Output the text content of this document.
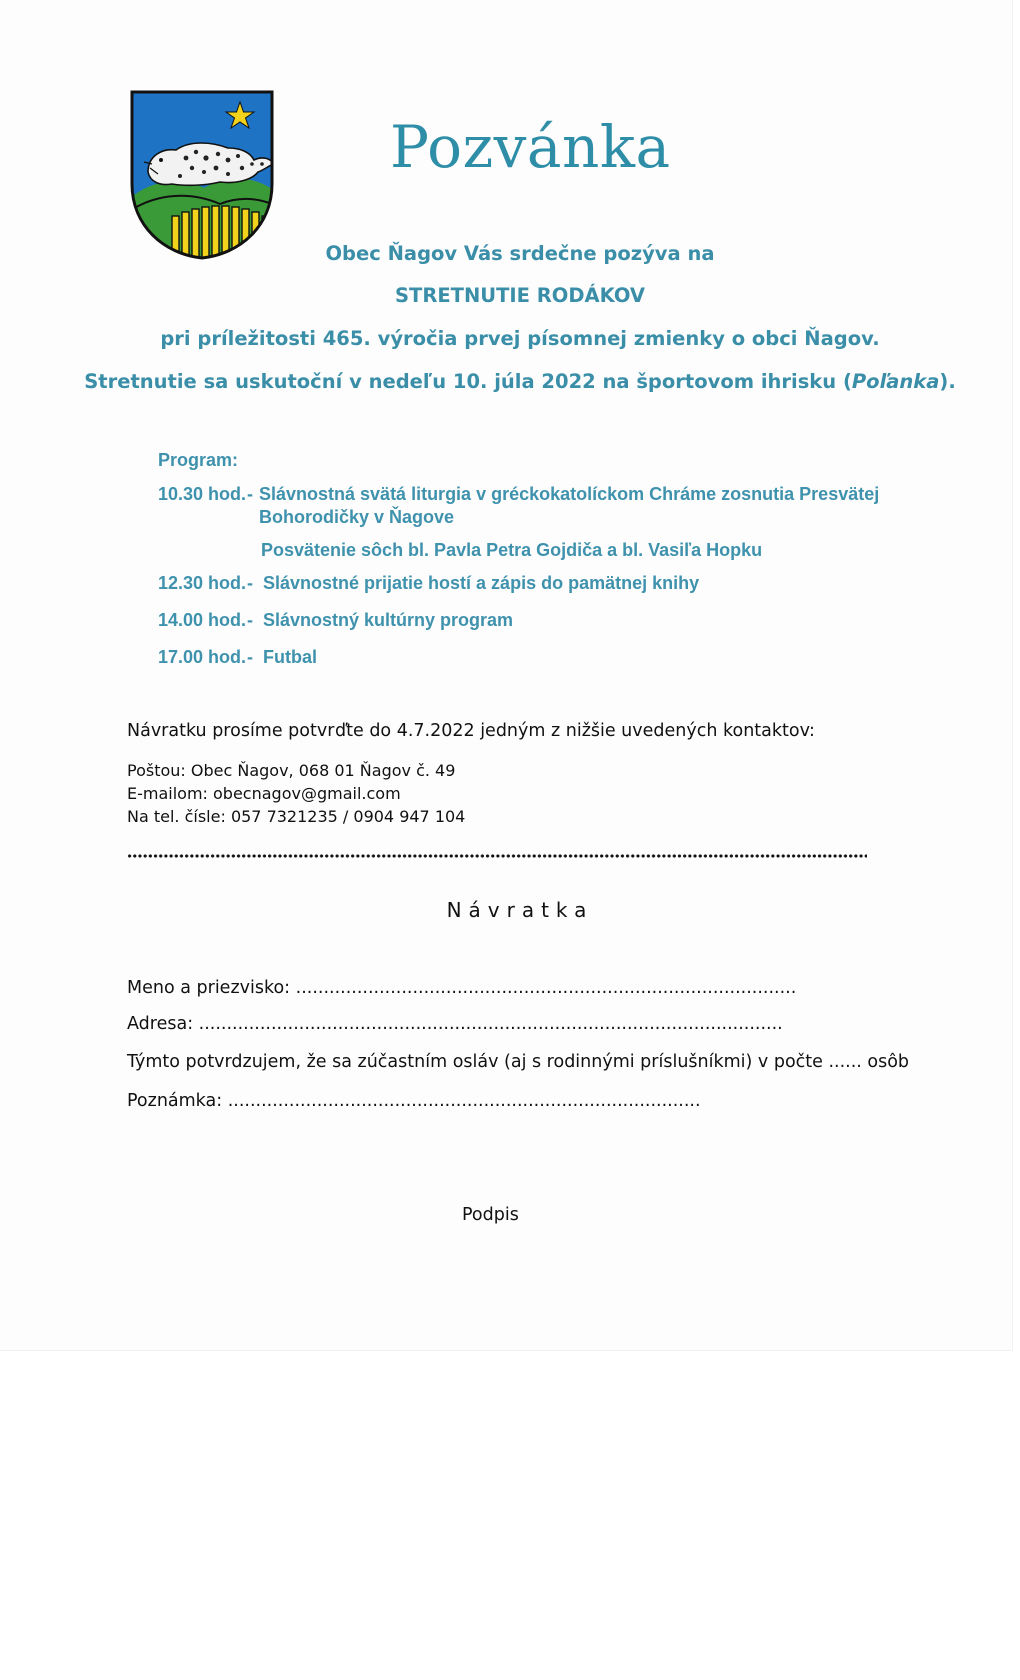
Pozvánka
Obec Ňagov Vás srdečne pozýva na
STRETNUTIE RODÁKOV
pri príležitosti 465. výročia prvej písomnej zmienky o obci Ňagov.
Stretnutie sa uskutoční v nedeľu 10. júla 2022 na športovom ihrisku (Poľanka).
Program:
10.30 hod. - Slávnostná svätá liturgia v gréckokatolíckom Chráme zosnutia Presvätej
Bohorodičky v Ňagove
Posvätenie sôch bl. Pavla Petra Gojdiča a bl. Vasiľa Hopku
12.30 hod. - Slávnostné prijatie hostí a zápis do pamätnej knihy
14.00 hod. - Slávnostný kultúrny program
17.00 hod. - Futbal
Návratku prosíme potvrďte do 4.7.2022 jedným z nižšie uvedených kontaktov:
Poštou: Obec Ňagov, 068 01 Ňagov č. 49
E-mailom: obecnagov@gmail.com
Na tel. čísle: 057 7321235 / 0904 947 104
Návratka
Meno a priezvisko: ..........................................................................................
Adresa: .........................................................................................................
Týmto potvrdzujem, že sa zúčastním osláv (aj s rodinnými príslušníkmi) v počte ...... osôb
Poznámka: .....................................................................................
Podpis
